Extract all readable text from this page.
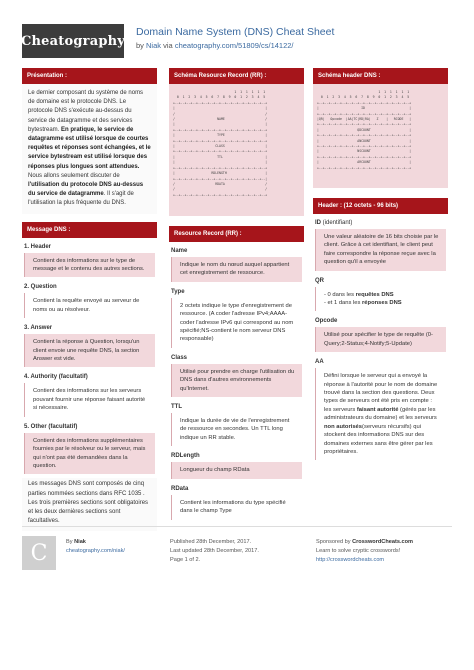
Cheatography
Domain Name System (DNS) Cheat Sheet
by Niak via cheatography.com/51809/cs/14122/
Présentation :
Le dernier composant du système de noms de domaine est le protocole DNS. Le protocole DNS s'exécute au-dessus du service de datagramme et des services bytestream. En pratique, le service de datagramme est utilisé lorsque de courtes requêtes et réponses sont échangées, et le service bytestream est utilisé lorsque des réponses plus longues sont attendues. Nous allons seulement discuter de l'utilisation du protocole DNS au-dessus du service de datagramme. Il s'agit de l'utilisation la plus fréquente du DNS.
Message DNS :
1. Header
Contient des informations sur le type de message et le contenu des autres sections.
2. Question
Contient la requête envoyé au serveur de noms ou au résolveur.
3. Answer
Contient la réponse à Question, lorsqu'un client envoie une requête DNS, la section Answer est vide.
4. Authority (facultatif)
Contient des informations sur les serveurs pouvant fournir une réponse faisant autorité si nécessaire.
5. Other (facultatif)
Contient des informations supplémentaires fournies par le résolveur ou le serveur, mais qui n'ont pas été demandées dans la question.
Les messages DNS sont composés de cinq parties nommées sections dans RFC 1035 . Les trois premières sections sont obligatoires et les deux dernières sections sont facultatives.
Schéma Resource Record (RR) :
1  1  1  1  1  1
0  1  2  3  4  5  6  7  8  9  0  1  2  3  4  5
+--+--+--+--+--+--+--+--+--+--+--+--+--+--+--+--+
|                                               |
/                                               /
/                      NAME                     /
|                                               |
+--+--+--+--+--+--+--+--+--+--+--+--+--+--+--+--+
|                      TYPE                     |
+--+--+--+--+--+--+--+--+--+--+--+--+--+--+--+--+
|                     CLASS                     |
+--+--+--+--+--+--+--+--+--+--+--+--+--+--+--+--+
|                      TTL                      |
|                                               |
+--+--+--+--+--+--+--+--+--+--+--+--+--+--+--+--+
|                   RDLENGTH                    |
+--+--+--+--+--+--+--+--+--+--+--+--+--+--+--+--|
/                     RDATA                     /
/                                               /
+--+--+--+--+--+--+--+--+--+--+--+--+--+--+--+--+
Resource Record (RR) :
Name
Indique le nom du nœud auquel appartient cet enregistrement de ressource.
Type
2 octets indique le type d'enregistrement de ressource. (A coder l'adresse IPv4;AAAA-coder l'adresse IPv6 qui correspond au nom spécifié;NS-contient le nom serveur DNS responsable)
Class
Utilisé pour prendre en charge l'utilisation du DNS dans d'autres environnements qu'Internet.
TTL
Indique la durée de vie de l'enregistrement de ressource en secondes. Un TTL long indique un RR stable.
RDLength
Longueur du champ RData
RData
Contient les informations du type spécifié dans le champ Type
Schéma header DNS :
1  1  1  1  1  1
0  1  2  3  4  5  6  7  8  9  0  1  2  3  4  5
+--+--+--+--+--+--+--+--+--+--+--+--+--+--+--+--+
|                      ID                       |
+--+--+--+--+--+--+--+--+--+--+--+--+--+--+--+--+
|QR|   Opcode  |AA|TC|RD|RA|   Z    |   RCODE   |
+--+--+--+--+--+--+--+--+--+--+--+--+--+--+--+--+
|                    QDCOUNT                    |
+--+--+--+--+--+--+--+--+--+--+--+--+--+--+--+--+
|                    ANCOUNT                    |
+--+--+--+--+--+--+--+--+--+--+--+--+--+--+--+--+
|                    NSCOUNT                    |
+--+--+--+--+--+--+--+--+--+--+--+--+--+--+--+--+
|                    ARCOUNT                    |
+--+--+--+--+--+--+--+--+--+--+--+--+--+--+--+--+
Header : (12 octets - 96 bits)
ID (identifiant)
Une valeur aléatoire de 16 bits choisie par le client. Grâce à cet identifiant, le client peut faire correspondre la réponse reçue avec la question qu'il a envoyée
QR
- 0 dans les requêtes DNS
- et 1 dans les réponses DNS
Opcode
Utilisé pour spécifier le type de requête (0-Query;2-Status;4-Notify;5-Update)
AA
Défini lorsque le serveur qui a envoyé la réponse à l'autorité pour le nom de domaine trouvé dans la section des questions. Deux types de serveurs ont été pris en compte : les serveurs faisant autorité (gérés par les administrateurs du domaine) et les serveurs non autorisés(serveurs récursifs) qui stockent des informations DNS sur des domaines externes sans être gérer par les propriétaires.
C	By Niak
cheatography.com/niak/
Published 28th December, 2017.
Last updated 28th December, 2017.
Page 1 of 2.
Sponsored by CrosswordCheats.com
Learn to solve cryptic crosswords!
http://crosswordcheats.com
